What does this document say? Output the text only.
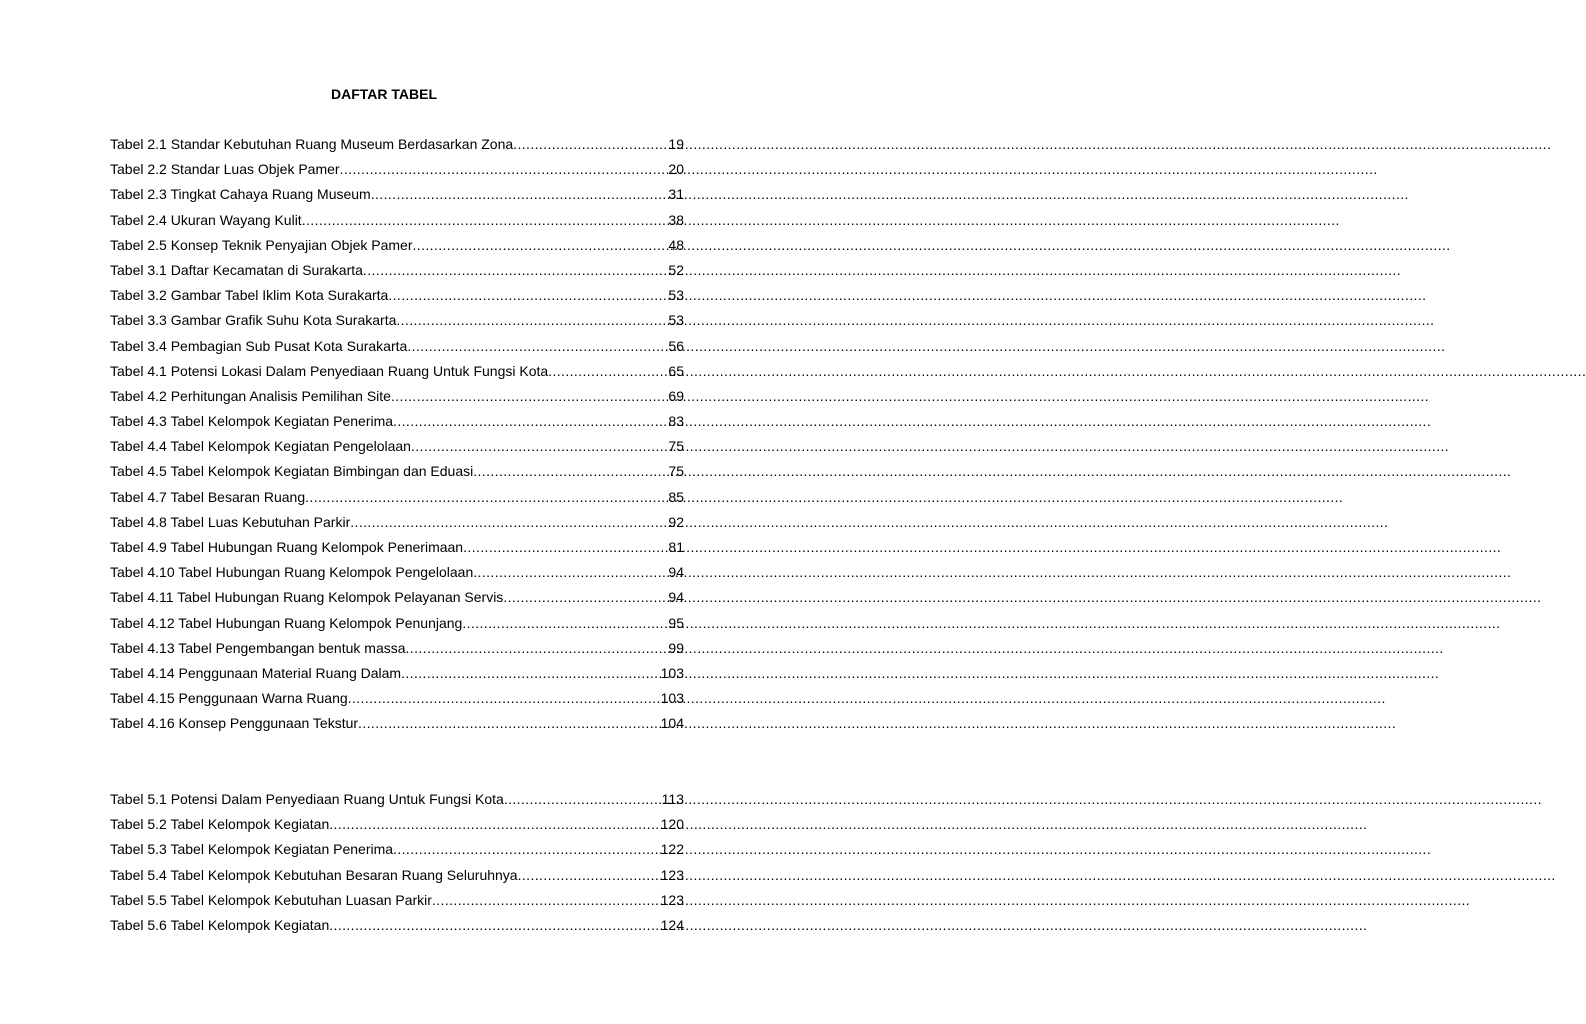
DAFTAR TABEL
Tabel 2.1 Standar Kebutuhan Ruang Museum Berdasarkan Zona .....	19
Tabel 2.2 Standar Luas Objek Pamer .....	20
Tabel 2.3 Tingkat Cahaya Ruang Museum .....	31
Tabel 2.4 Ukuran Wayang Kulit .....	38
Tabel 2.5 Konsep Teknik Penyajian Objek Pamer .....	48
Tabel 3.1 Daftar Kecamatan di Surakarta .....	52
Tabel 3.2 Gambar Tabel Iklim Kota Surakarta .....	53
Tabel 3.3 Gambar Grafik Suhu Kota Surakarta .....	53
Tabel 3.4 Pembagian Sub Pusat Kota Surakarta .....	56
Tabel 4.1 Potensi Lokasi Dalam Penyediaan Ruang Untuk Fungsi Kota .....	65
Tabel 4.2 Perhitungan Analisis Pemilihan Site .....	69
Tabel 4.3 Tabel Kelompok Kegiatan Penerima .....	83
Tabel 4.4 Tabel Kelompok Kegiatan Pengelolaan .....	75
Tabel 4.5 Tabel Kelompok Kegiatan Bimbingan dan Eduasi .....	75
Tabel 4.7 Tabel Besaran Ruang .....	85
Tabel 4.8 Tabel Luas Kebutuhan Parkir .....	92
Tabel 4.9 Tabel Hubungan Ruang Kelompok Penerimaan .....	81
Tabel 4.10 Tabel Hubungan Ruang Kelompok Pengelolaan .....	94
Tabel 4.11 Tabel Hubungan Ruang Kelompok Pelayanan Servis .....	94
Tabel 4.12 Tabel Hubungan Ruang Kelompok Penunjang .....	95
Tabel 4.13 Tabel Pengembangan bentuk massa .....	99
Tabel 4.14 Penggunaan Material Ruang Dalam .....	103
Tabel 4.15 Penggunaan Warna Ruang .....	103
Tabel 4.16 Konsep Penggunaan Tekstur .....	104
Tabel 5.1 Potensi Dalam Penyediaan Ruang Untuk Fungsi Kota .....	113
Tabel 5.2 Tabel Kelompok Kegiatan .....	120
Tabel 5.3 Tabel Kelompok Kegiatan Penerima .....	122
Tabel 5.4 Tabel Kelompok Kebutuhan Besaran Ruang Seluruhnya .....	123
Tabel 5.5 Tabel Kelompok Kebutuhan Luasan Parkir .....	123
Tabel 5.6 Tabel Kelompok Kegiatan .....	124
